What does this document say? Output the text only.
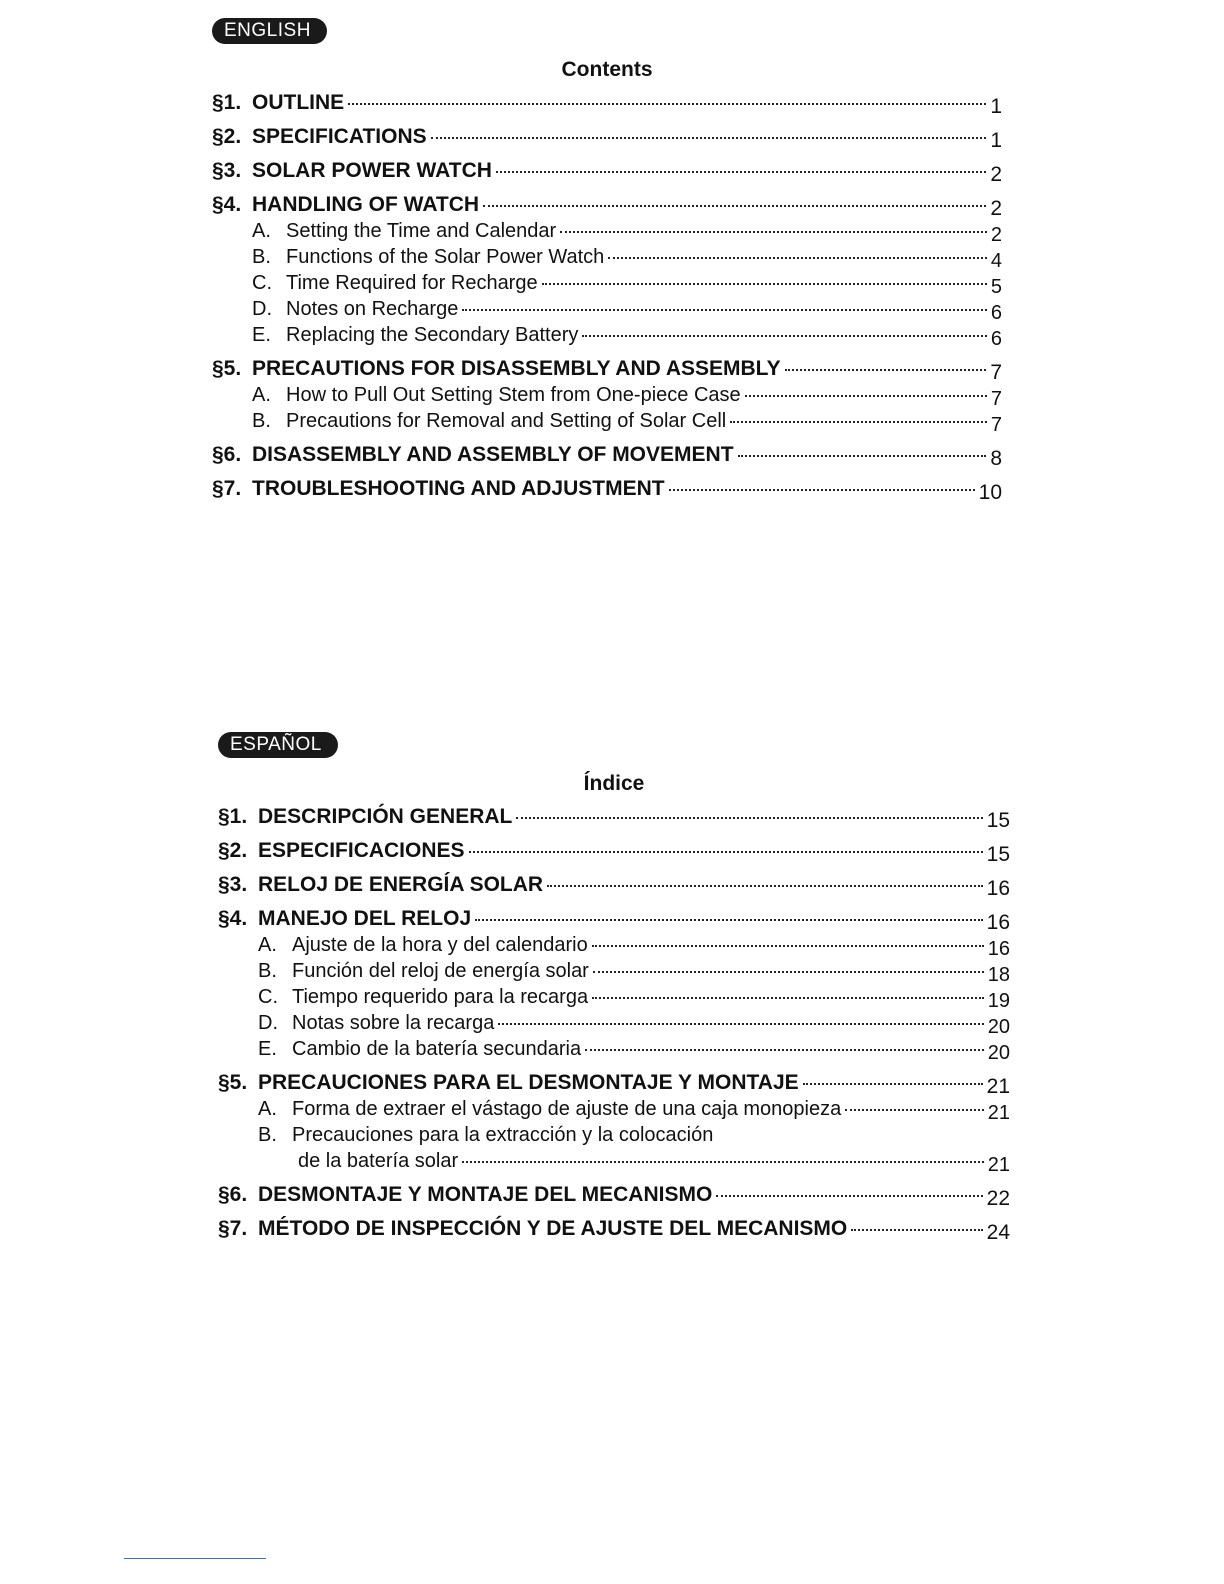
ENGLISH
Contents
§1. OUTLINE	1
§2. SPECIFICATIONS	1
§3. SOLAR POWER WATCH	2
§4. HANDLING OF WATCH	2
A. Setting the Time and Calendar	2
B. Functions of the Solar Power Watch	4
C. Time Required for Recharge	5
D. Notes on Recharge	6
E. Replacing the Secondary Battery	6
§5. PRECAUTIONS FOR DISASSEMBLY AND ASSEMBLY	7
A. How to Pull Out Setting Stem from One-piece Case	7
B. Precautions for Removal and Setting of Solar Cell	7
§6. DISASSEMBLY AND ASSEMBLY OF MOVEMENT	8
§7. TROUBLESHOOTING AND ADJUSTMENT	10
ESPAÑOL
Índice
§1. DESCRIPCIÓN GENERAL	15
§2. ESPECIFICACIONES	15
§3. RELOJ DE ENERGÍA SOLAR	16
§4. MANEJO DEL RELOJ	16
A. Ajuste de la hora y del calendario	16
B. Función del reloj de energía solar	18
C. Tiempo requerido para la recarga	19
D. Notas sobre la recarga	20
E. Cambio de la batería secundaria	20
§5. PRECAUCIONES PARA EL DESMONTAJE Y MONTAJE	21
A. Forma de extraer el vástago de ajuste de una caja monopieza	21
B. Precauciones para la extracción y la colocación
de la batería solar	21
§6. DESMONTAJE Y MONTAJE DEL MECANISMO	22
§7. MÉTODO DE INSPECCIÓN Y DE AJUSTE DEL MECANISMO	24
